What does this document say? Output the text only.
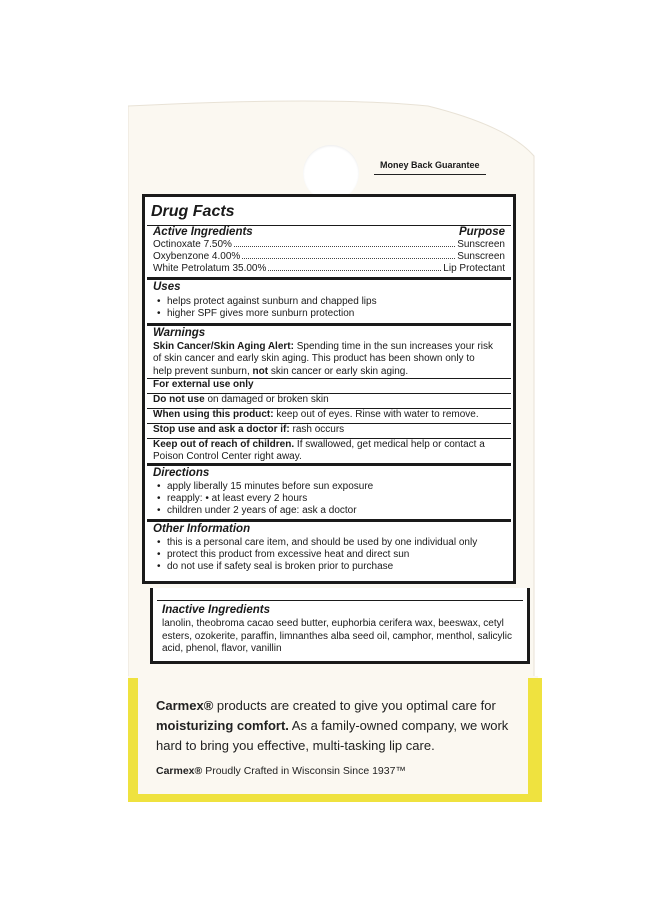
Money Back Guarantee
Drug Facts
Active Ingredients	Purpose
Octinoxate 7.50%	Sunscreen
Oxybenzone 4.00%	Sunscreen
White Petrolatum 35.00%	Lip Protectant
Uses
• helps protect against sunburn and chapped lips
• higher SPF gives more sunburn protection
Warnings
Skin Cancer/Skin Aging Alert: Spending time in the sun increases your risk
of skin cancer and early skin aging. This product has been shown only to
help prevent sunburn, not skin cancer or early skin aging.
For external use only
Do not use on damaged or broken skin
When using this product: keep out of eyes. Rinse with water to remove.
Stop use and ask a doctor if: rash occurs
Keep out of reach of children. If swallowed, get medical help or contact a
Poison Control Center right away.
Directions
• apply liberally 15 minutes before sun exposure
• reapply: • at least every 2 hours
• children under 2 years of age: ask a doctor
Other Information
• this is a personal care item, and should be used by one individual only
• protect this product from excessive heat and direct sun
• do not use if safety seal is broken prior to purchase
Inactive Ingredients
lanolin, theobroma cacao seed butter, euphorbia cerifera wax, beeswax, cetyl esters, ozokerite, paraffin, limnanthes alba seed oil, camphor, menthol, salicylic acid, phenol, flavor, vanillin
Carmex® products are created to give you optimal care for moisturizing comfort. As a family-owned company, we work hard to bring you effective, multi-tasking lip care.
Carmex® Proudly Crafted in Wisconsin Since 1937™
